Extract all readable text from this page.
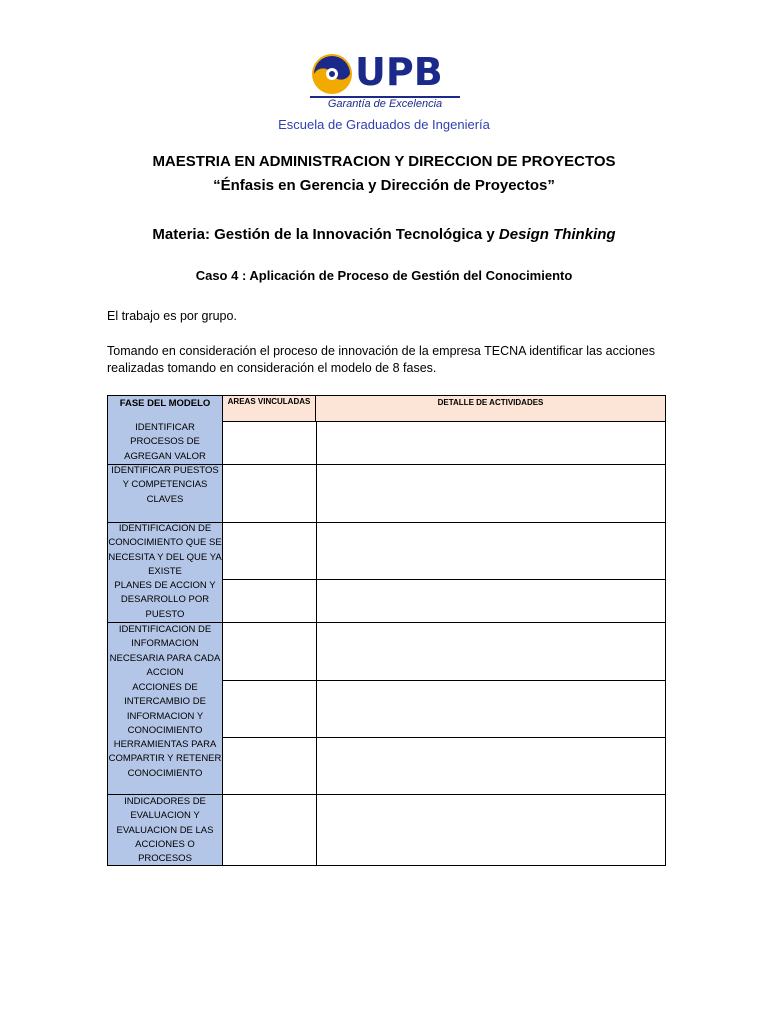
UPB
Garantía de Excelencia
Escuela de Graduados de Ingeniería
MAESTRIA EN ADMINISTRACION Y DIRECCION DE PROYECTOS
“Énfasis en Gerencia y Dirección de Proyectos”
Materia: Gestión de la Innovación Tecnológica y Design Thinking
Caso 4 : Aplicación de Proceso de Gestión del Conocimiento
El trabajo es por grupo.
Tomando en consideración el proceso de innovación de la empresa TECNA identificar las acciones realizadas tomando en consideración el modelo de 8 fases.
FASE DEL MODELO
IDENTIFICAR PROCESOS DE AGREGAN VALOR
IDENTIFICAR PUESTOS Y COMPETENCIAS CLAVES
IDENTIFICACION DE CONOCIMIENTO QUE SE NECESITA Y DEL QUE YA EXISTE
PLANES DE ACCION Y DESARROLLO POR PUESTO
IDENTIFICACION DE INFORMACION NECESARIA PARA CADA ACCION
ACCIONES DE INTERCAMBIO DE INFORMACION Y CONOCIMIENTO
HERRAMIENTAS PARA COMPARTIR Y RETENER CONOCIMIENTO
INDICADORES DE EVALUACION Y EVALUACION DE LAS ACCIONES O PROCESOS
AREAS VINCULADAS	DETALLE DE ACTIVIDADES
